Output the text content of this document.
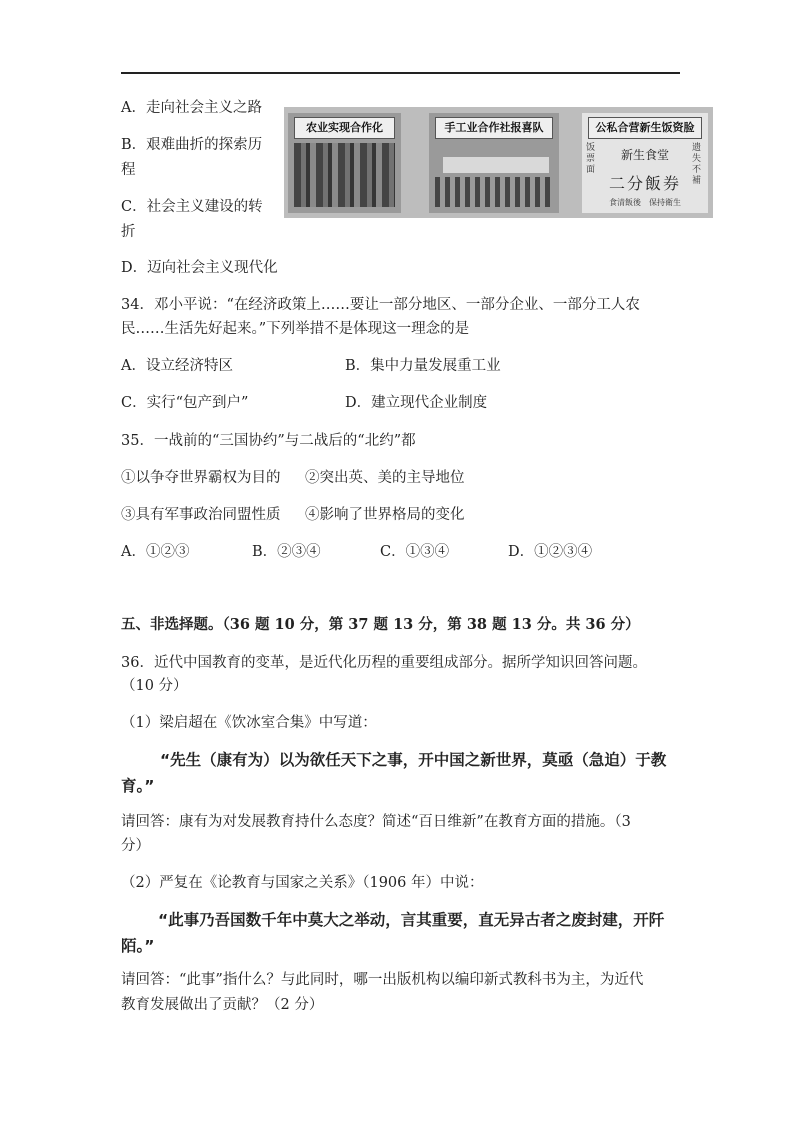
A．走向社会主义之路
B．艰难曲折的探索历
程
C．社会主义建设的转
折
D．迈向社会主义现代化
农业实现合作化	手工业合作社报喜队	公私合营新生饭资脸
饭票面
遗失不補
新生食堂
二分飯券
食清飯後　保持衛生
34．邓小平说：“在经济政策上……要让一部分地区、一部分企业、一部分工人农
民……生活先好起来。”下列举措不是体现这一理念的是
A．设立经济特区	B．集中力量发展重工业
C．实行“包产到户”	D．建立现代企业制度
35．一战前的“三国协约”与二战后的“北约”都
①以争夺世界霸权为目的 ②突出英、美的主导地位
③具有军事政治同盟性质 ④影响了世界格局的变化
A．①②③	B．②③④	C．①③④	D．①②③④
五、非选择题。（36 题 10 分，第 37 题 13 分，第 38 题 13 分。共 36 分）
36．近代中国教育的变革，是近代化历程的重要组成部分。据所学知识回答问题。
（10 分）
（1）梁启超在《饮冰室合集》中写道：
“先生（康有为）以为欲任天下之事，开中国之新世界，莫亟（急迫）于教
育。”
请回答：康有为对发展教育持什么态度？简述“百日维新”在教育方面的措施。（3
分）
（2）严复在《论教育与国家之关系》（1906 年）中说：
“此事乃吾国数千年中莫大之举动，言其重要，直无异古者之废封建，开阡
陌。”
请回答：“此事”指什么？与此同时，哪一出版机构以编印新式教科书为主，为近代
教育发展做出了贡献？（2 分）
